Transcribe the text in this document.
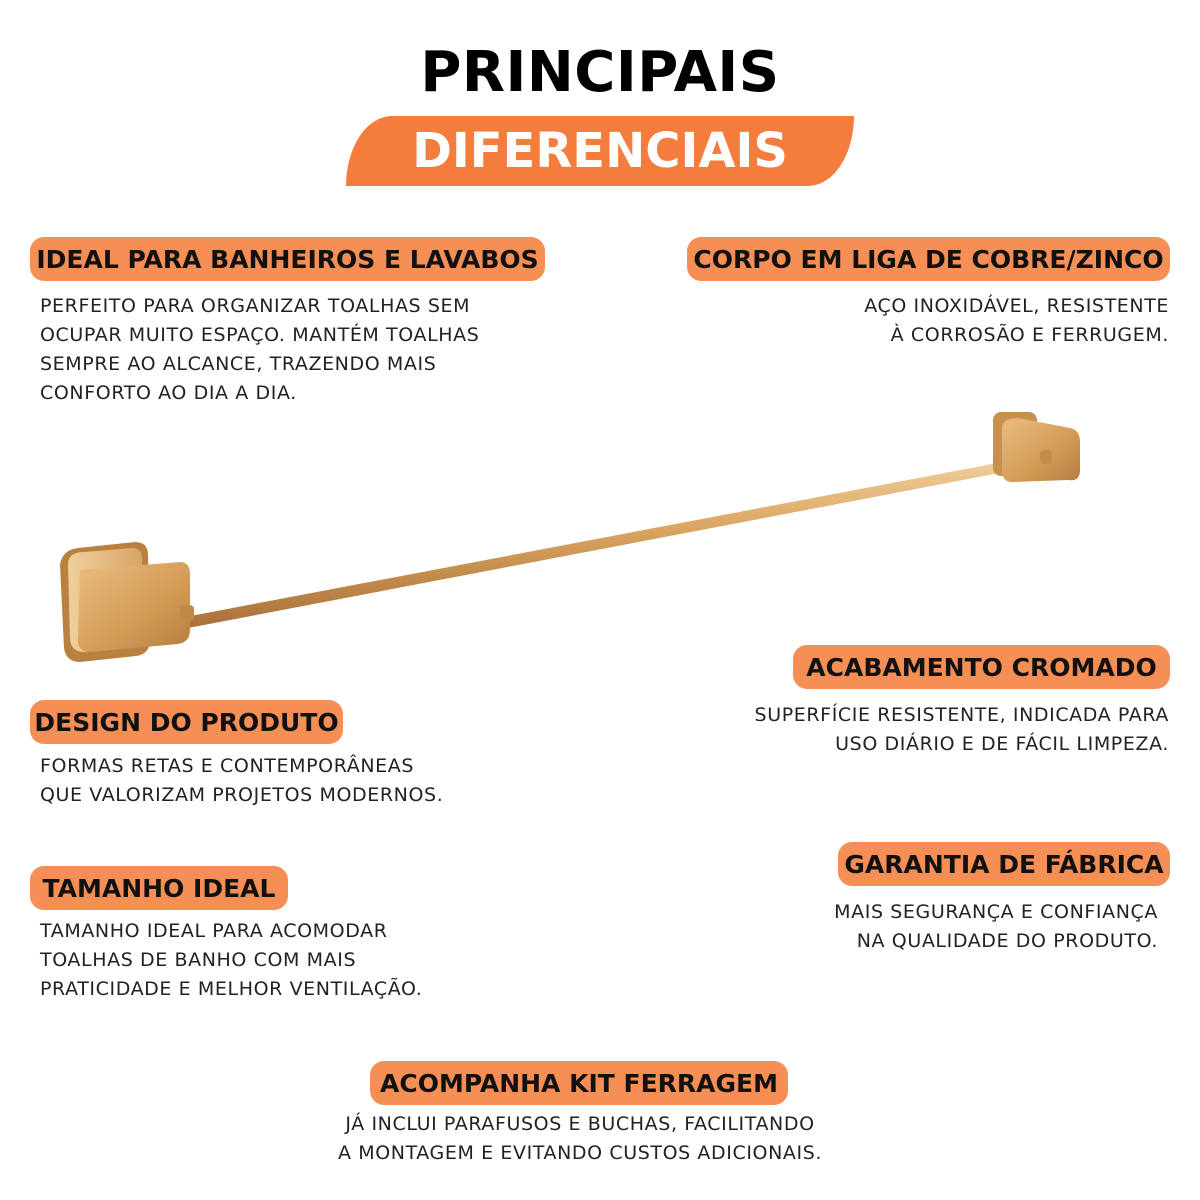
PRINCIPAIS
DIFERENCIAIS
IDEAL PARA BANHEIROS E LAVABOS
PERFEITO PARA ORGANIZAR TOALHAS SEM
OCUPAR MUITO ESPAÇO. MANTÉM TOALHAS
SEMPRE AO ALCANCE, TRAZENDO MAIS
CONFORTO AO DIA A DIA.
CORPO EM LIGA DE COBRE/ZINCO
AÇO INOXIDÁVEL, RESISTENTE
À CORROSÃO E FERRUGEM.
ACABAMENTO CROMADO
SUPERFÍCIE RESISTENTE, INDICADA PARA
USO DIÁRIO E DE FÁCIL LIMPEZA.
DESIGN DO PRODUTO
FORMAS RETAS E CONTEMPORÂNEAS
QUE VALORIZAM PROJETOS MODERNOS.
GARANTIA DE FÁBRICA
MAIS SEGURANÇA E CONFIANÇA
NA QUALIDADE DO PRODUTO.
TAMANHO IDEAL
TAMANHO IDEAL PARA ACOMODAR
TOALHAS DE BANHO COM MAIS
PRATICIDADE E MELHOR VENTILAÇÃO.
ACOMPANHA KIT FERRAGEM
JÁ INCLUI PARAFUSOS E BUCHAS, FACILITANDO
A MONTAGEM E EVITANDO CUSTOS ADICIONAIS.
